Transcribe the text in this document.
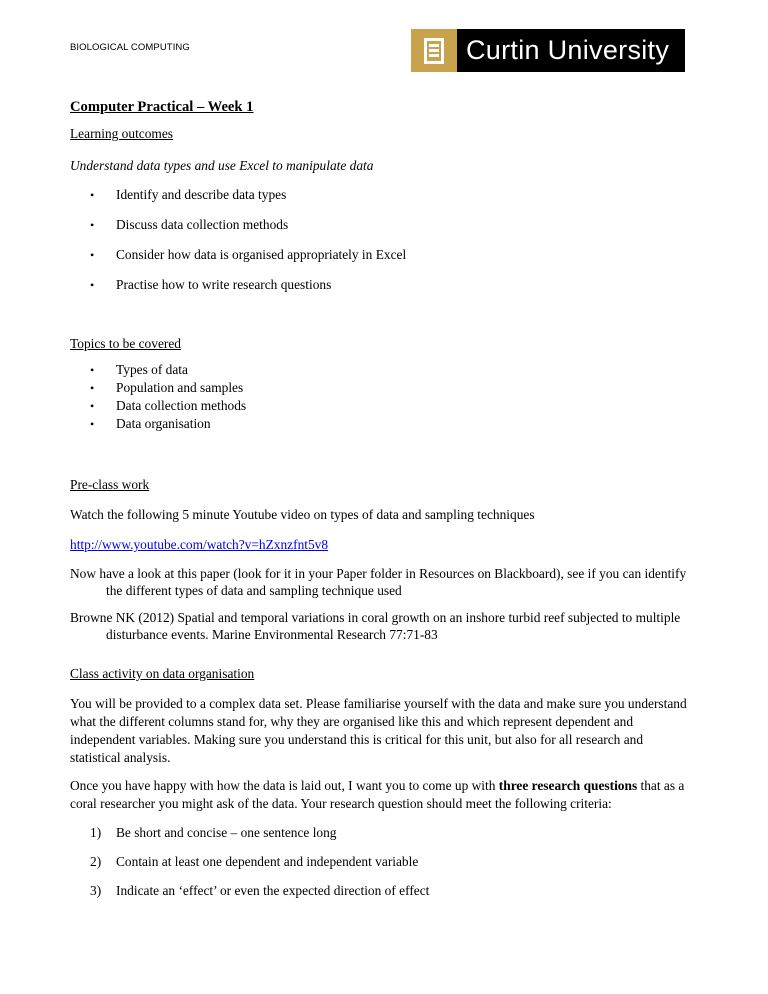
BIOLOGICAL COMPUTING	Curtin University

Computer Practical – Week 1

Learning outcomes

Understand data types and use Excel to manipulate data

• Identify and describe data types
• Discuss data collection methods
• Consider how data is organised appropriately in Excel
• Practise how to write research questions

Topics to be covered

• Types of data
• Population and samples
• Data collection methods
• Data organisation

Pre-class work

Watch the following 5 minute Youtube video on types of data and sampling techniques

http://www.youtube.com/watch?v=hZxnzfnt5v8

Now have a look at this paper (look for it in your Paper folder in Resources on Blackboard), see if you can identify the different types of data and sampling technique used

Browne NK (2012) Spatial and temporal variations in coral growth on an inshore turbid reef subjected to multiple disturbance events. Marine Environmental Research 77:71-83

Class activity on data organisation

You will be provided to a complex data set. Please familiarise yourself with the data and make sure you understand what the different columns stand for, why they are organised like this and which represent dependent and independent variables. Making sure you understand this is critical for this unit, but also for all research and statistical analysis.

Once you have happy with how the data is laid out, I want you to come up with three research questions that as a coral researcher you might ask of the data. Your research question should meet the following criteria:

1) Be short and concise – one sentence long
2) Contain at least one dependent and independent variable
3) Indicate an ‘effect’ or even the expected direction of effect
